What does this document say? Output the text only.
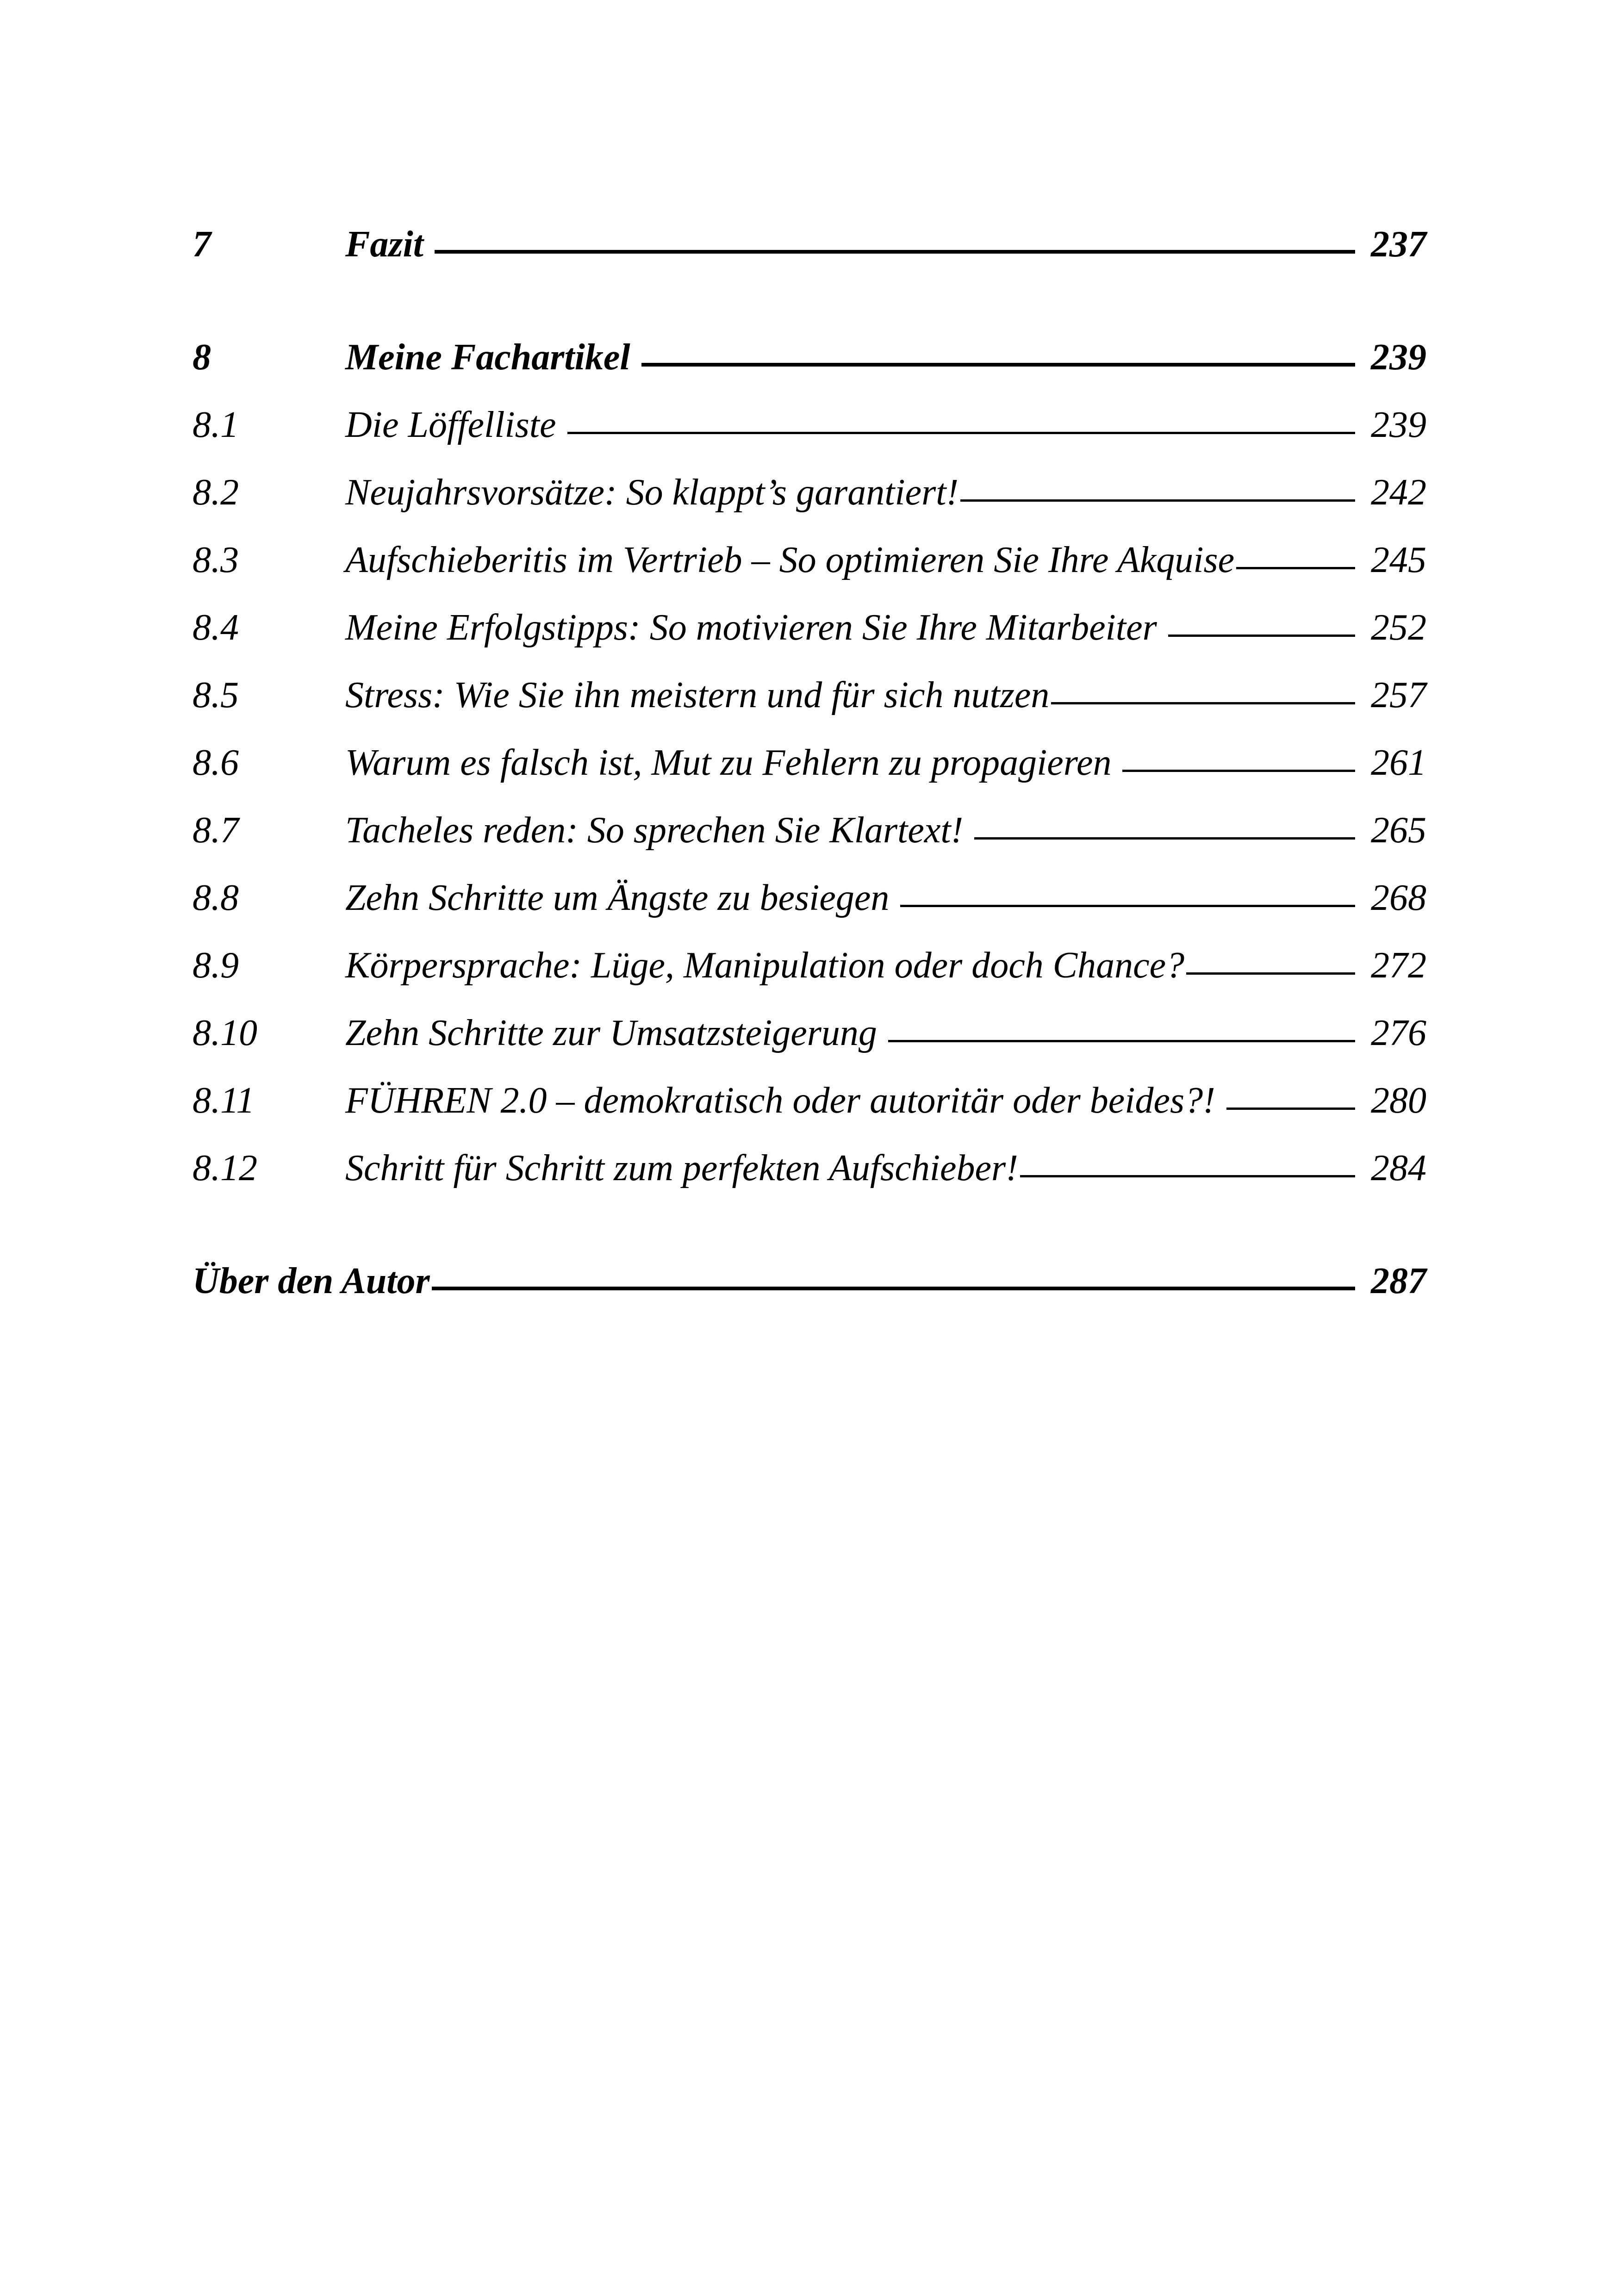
7	Fazit	237
8	Meine Fachartikel	239
8.1	Die Löffelliste	239
8.2	Neujahrsvorsätze: So klappt’s garantiert!	242
8.3	Aufschieberitis im Vertrieb – So optimieren Sie Ihre Akquise	245
8.4	Meine Erfolgstipps: So motivieren Sie Ihre Mitarbeiter	252
8.5	Stress: Wie Sie ihn meistern und für sich nutzen	257
8.6	Warum es falsch ist, Mut zu Fehlern zu propagieren	261
8.7	Tacheles reden: So sprechen Sie Klartext!	265
8.8	Zehn Schritte um Ängste zu besiegen	268
8.9	Körpersprache: Lüge, Manipulation oder doch Chance?	272
8.10 Zehn Schritte zur Umsatzsteigerung	276
8.11 FÜHREN 2.0 – demokratisch oder autoritär oder beides?!	280
8.12 Schritt für Schritt zum perfekten Aufschieber!	284
Über den Autor	287
